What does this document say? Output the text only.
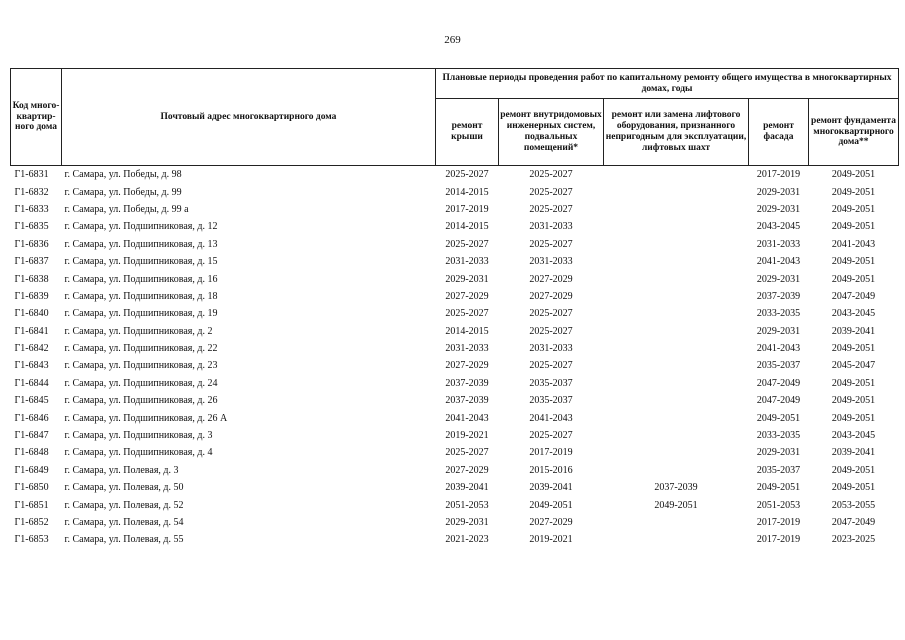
269
Код много-квартир-ного дома	Почтовый адрес многоквартирного дома	Плановые периоды проведения работ по капитальному ремонту общего имущества в многоквартирных домах, годы				
		ремонт крыши	ремонт внутридомовых инженерных систем, подвальных помещений*	ремонт или замена лифтового оборудования, признанного непригодным для эксплуатации, лифтовых шахт	ремонт фасада	ремонт фундамента многоквартирного дома**
Г1-6831	г. Самара, ул. Победы, д. 98	2025-2027	2025-2027		2017-2019	2049-2051
Г1-6832	г. Самара, ул. Победы, д. 99	2014-2015	2025-2027		2029-2031	2049-2051
Г1-6833	г. Самара, ул. Победы, д. 99 а	2017-2019	2025-2027		2029-2031	2049-2051
Г1-6835	г. Самара, ул. Подшипниковая, д. 12	2014-2015	2031-2033		2043-2045	2049-2051
Г1-6836	г. Самара, ул. Подшипниковая, д. 13	2025-2027	2025-2027		2031-2033	2041-2043
Г1-6837	г. Самара, ул. Подшипниковая, д. 15	2031-2033	2031-2033		2041-2043	2049-2051
Г1-6838	г. Самара, ул. Подшипниковая, д. 16	2029-2031	2027-2029		2029-2031	2049-2051
Г1-6839	г. Самара, ул. Подшипниковая, д. 18	2027-2029	2027-2029		2037-2039	2047-2049
Г1-6840	г. Самара, ул. Подшипниковая, д. 19	2025-2027	2025-2027		2033-2035	2043-2045
Г1-6841	г. Самара, ул. Подшипниковая, д. 2	2014-2015	2025-2027		2029-2031	2039-2041
Г1-6842	г. Самара, ул. Подшипниковая, д. 22	2031-2033	2031-2033		2041-2043	2049-2051
Г1-6843	г. Самара, ул. Подшипниковая, д. 23	2027-2029	2025-2027		2035-2037	2045-2047
Г1-6844	г. Самара, ул. Подшипниковая, д. 24	2037-2039	2035-2037		2047-2049	2049-2051
Г1-6845	г. Самара, ул. Подшипниковая, д. 26	2037-2039	2035-2037		2047-2049	2049-2051
Г1-6846	г. Самара, ул. Подшипниковая, д. 26 А	2041-2043	2041-2043		2049-2051	2049-2051
Г1-6847	г. Самара, ул. Подшипниковая, д. 3	2019-2021	2025-2027		2033-2035	2043-2045
Г1-6848	г. Самара, ул. Подшипниковая, д. 4	2025-2027	2017-2019		2029-2031	2039-2041
Г1-6849	г. Самара, ул. Полевая, д. 3	2027-2029	2015-2016		2035-2037	2049-2051
Г1-6850	г. Самара, ул. Полевая, д. 50	2039-2041	2039-2041	2037-2039	2049-2051	2049-2051
Г1-6851	г. Самара, ул. Полевая, д. 52	2051-2053	2049-2051	2049-2051	2051-2053	2053-2055
Г1-6852	г. Самара, ул. Полевая, д. 54	2029-2031	2027-2029		2017-2019	2047-2049
Г1-6853	г. Самара, ул. Полевая, д. 55	2021-2023	2019-2021		2017-2019	2023-2025
